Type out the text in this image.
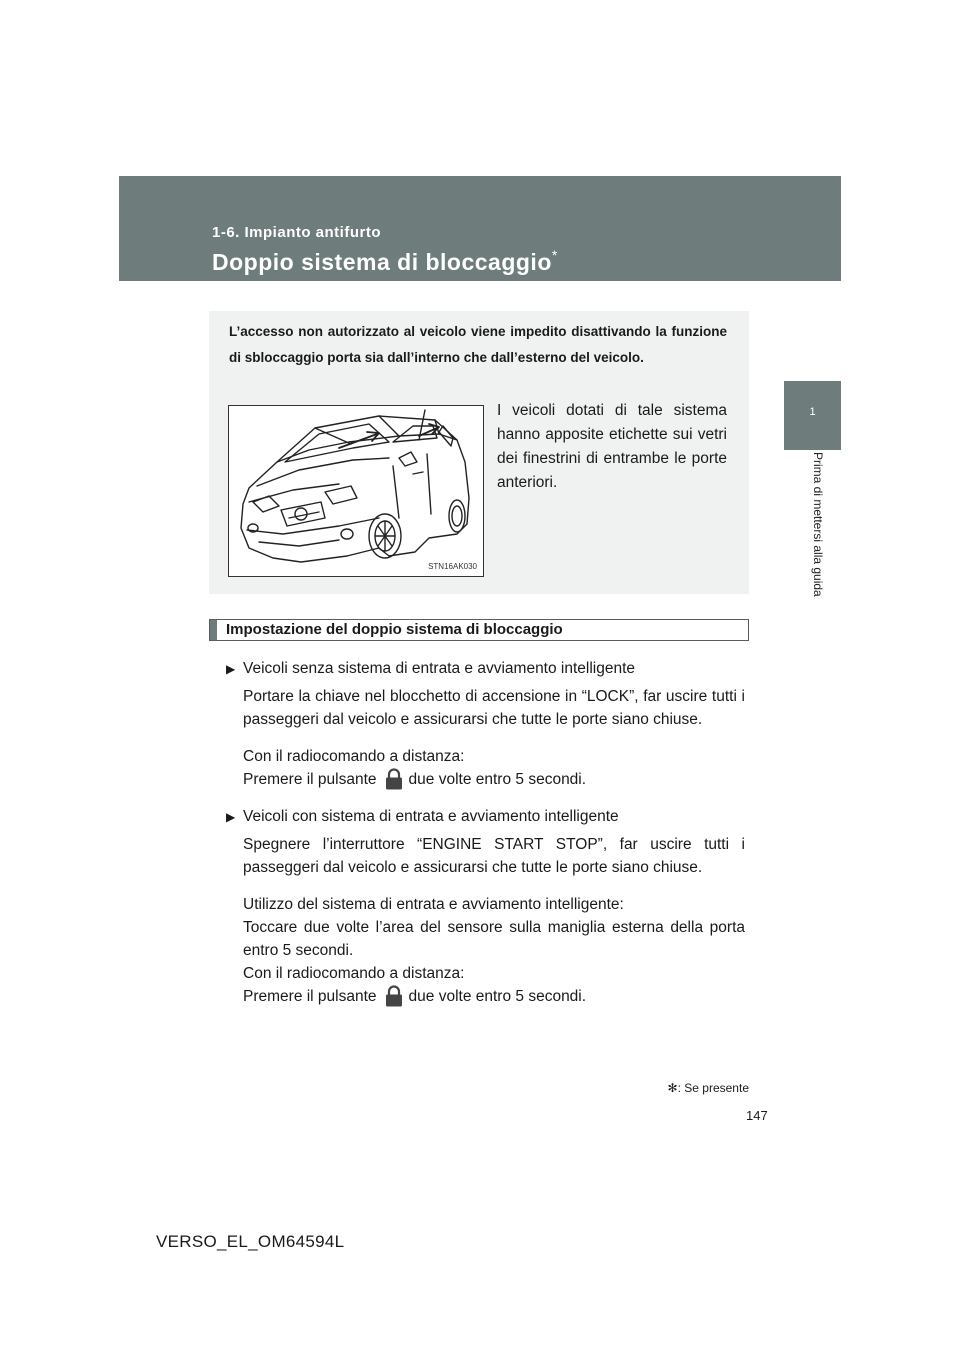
1-6. Impianto antifurto
Doppio sistema di bloccaggio*
1
Prima di mettersi alla guida
L’accesso non autorizzato al veicolo viene impedito disattivando la funzione di sbloccaggio porta sia dall’interno che dall’esterno del veicolo.
STN16AK030
I veicoli dotati di tale sistema hanno apposite etichette sui vetri dei finestrini di entrambe le porte anteriori.
Impostazione del doppio sistema di bloccaggio
▶ Veicoli senza sistema di entrata e avviamento intelligente
Portare la chiave nel blocchetto di accensione in “LOCK”, far uscire tutti i passeggeri dal veicolo e assicurarsi che tutte le porte siano chiuse.
Con il radiocomando a distanza:
Premere il pulsante due volte entro 5 secondi.
▶ Veicoli con sistema di entrata e avviamento intelligente
Spegnere l’interruttore “ENGINE START STOP”, far uscire tutti i passeggeri dal veicolo e assicurarsi che tutte le porte siano chiuse.
Utilizzo del sistema di entrata e avviamento intelligente:
Toccare due volte l’area del sensore sulla maniglia esterna della porta entro 5 secondi.
Con il radiocomando a distanza:
Premere il pulsante due volte entro 5 secondi.
✻: Se presente
147
VERSO_EL_OM64594L
